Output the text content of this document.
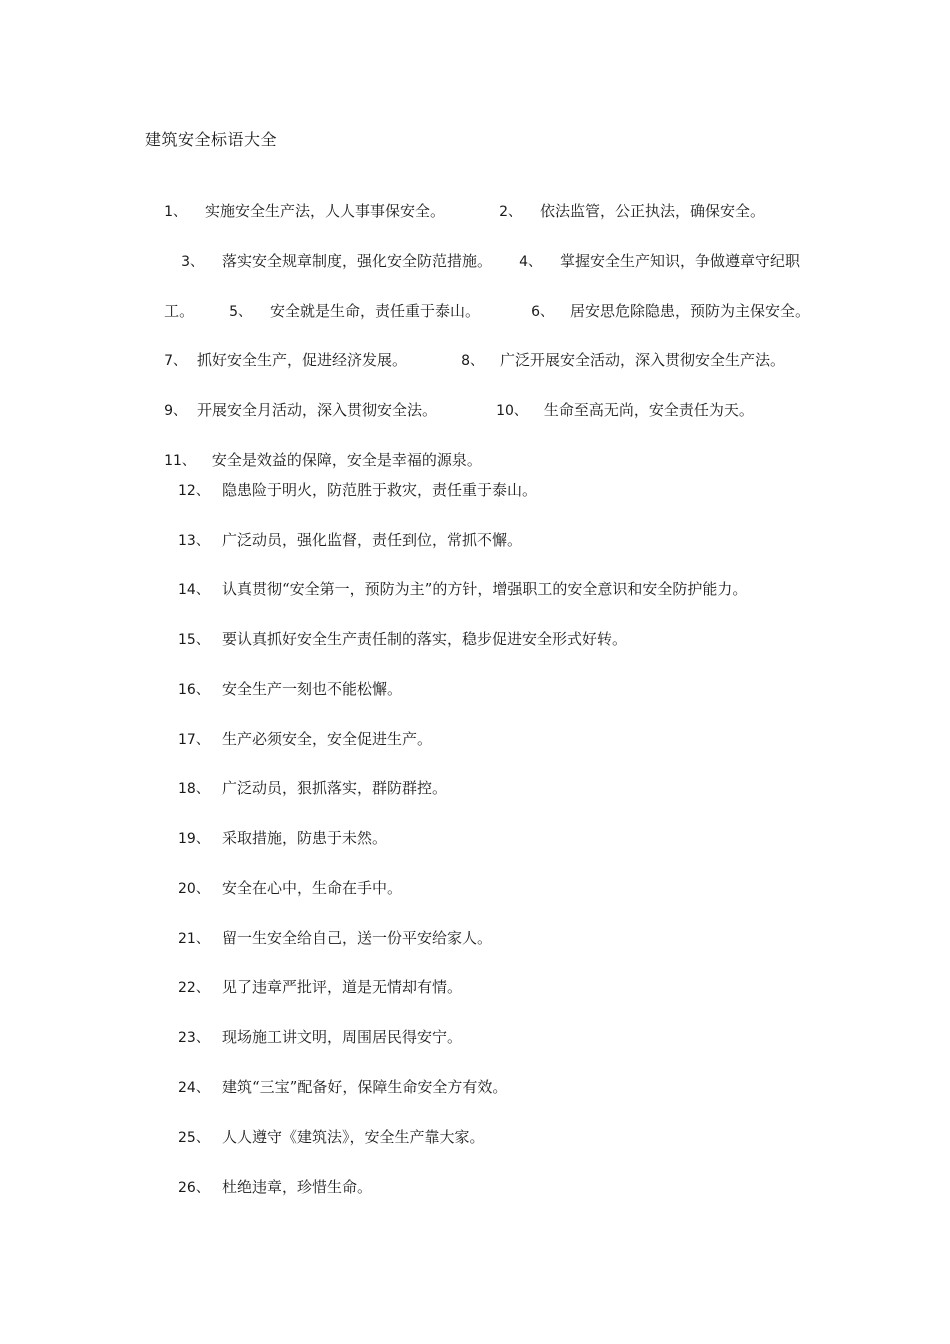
建筑安全标语大全

1、 实施安全生产法，人人事事保安全。
	2、 依法监管，公正执法，确保安全。

3、 落实安全规章制度，强化安全防范措施。
	4、 掌握安全生产知识，争做遵章守纪职

工。
	5、 安全就是生命，责任重于泰山。
	6、 居安思危除隐患，预防为主保安全。

7、 抓好安全生产，促进经济发展。
	8、 广泛开展安全活动，深入贯彻安全生产法。

9、 开展安全月活动，深入贯彻安全法。
	10、 生命至高无尚，安全责任为天。

11、 安全是效益的保障，安全是幸福的源泉。

12、 隐患险于明火，防范胜于救灾，责任重于泰山。
13、 广泛动员，强化监督，责任到位，常抓不懈。
14、 认真贯彻“安全第一，预防为主”的方针，增强职工的安全意识和安全防护能力。
15、 要认真抓好安全生产责任制的落实，稳步促进安全形式好转。
16、 安全生产一刻也不能松懈。
17、 生产必须安全，安全促进生产。
18、 广泛动员，狠抓落实，群防群控。
19、 采取措施，防患于未然。
20、 安全在心中，生命在手中。
21、 留一生安全给自己，送一份平安给家人。
22、 见了违章严批评，道是无情却有情。
23、 现场施工讲文明，周围居民得安宁。
24、 建筑“三宝”配备好，保障生命安全方有效。
25、 人人遵守《建筑法》，安全生产靠大家。
26、 杜绝违章，珍惜生命。
